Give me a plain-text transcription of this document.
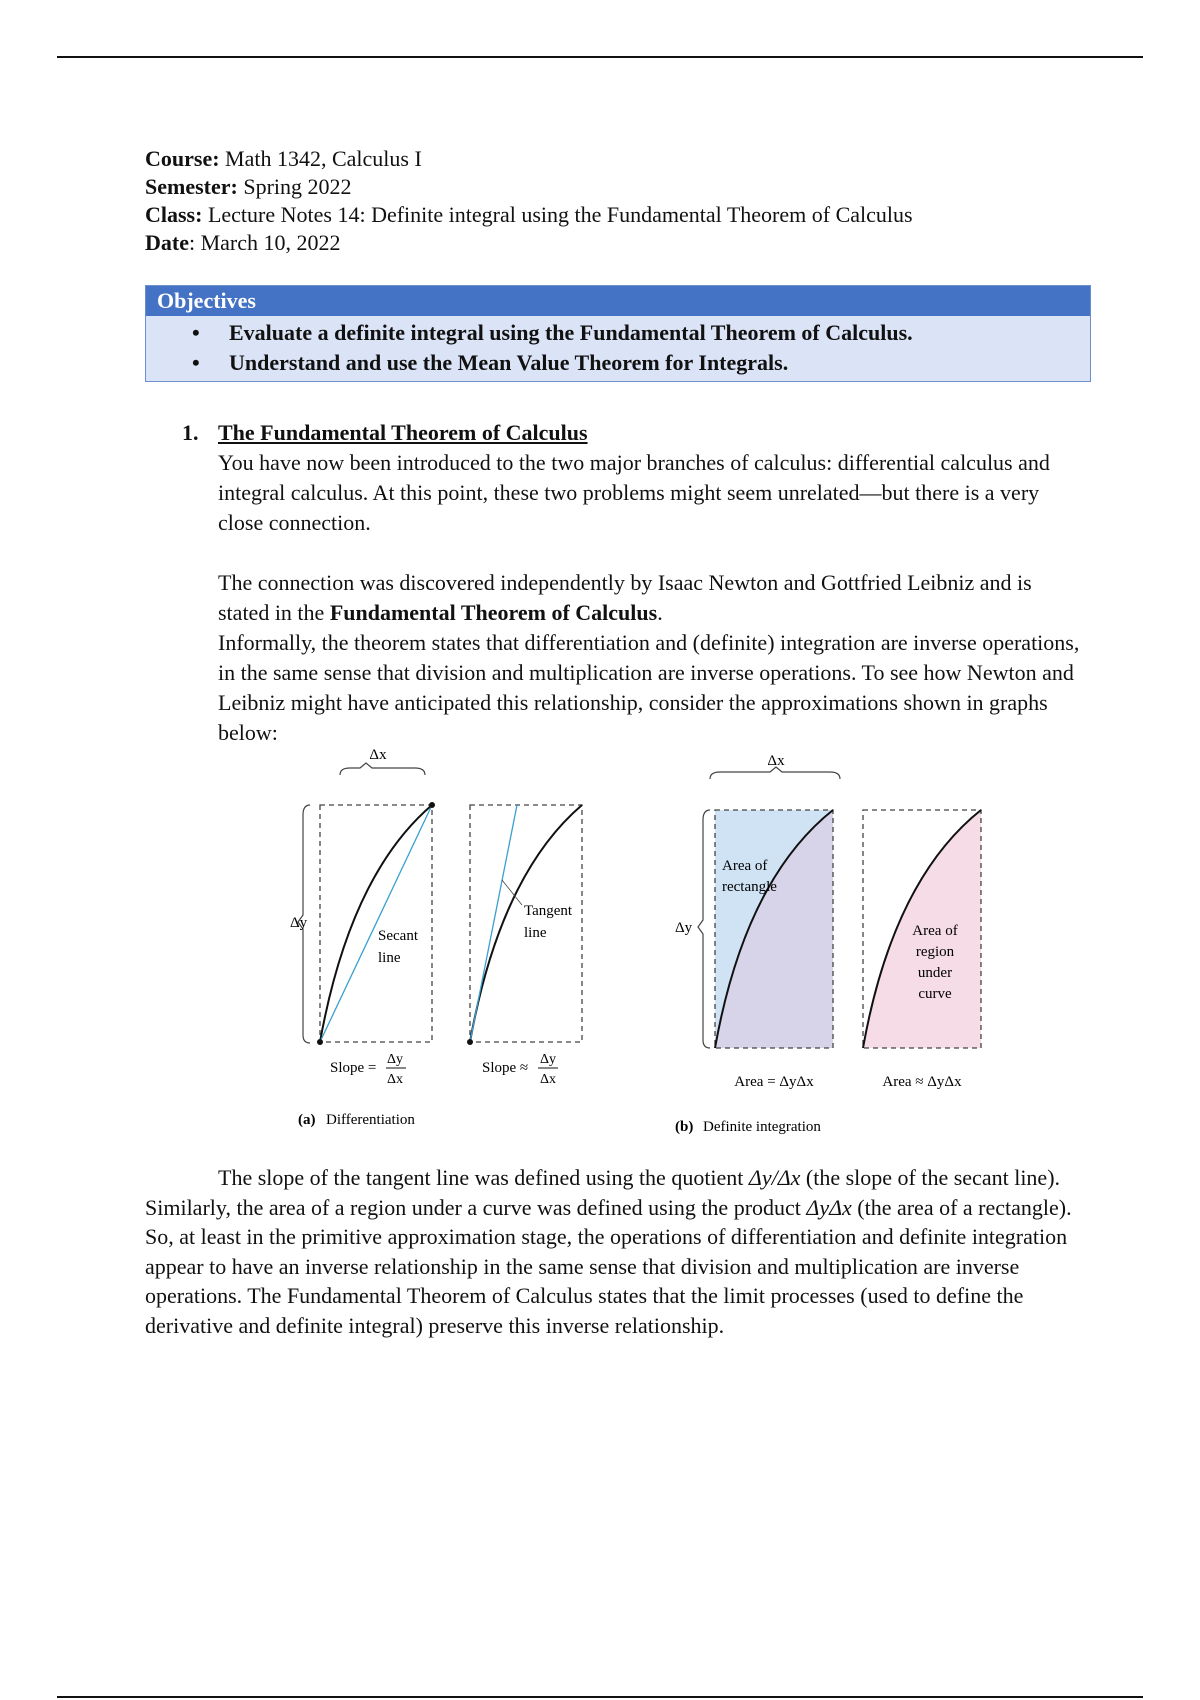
Course: Math 1342, Calculus I
Semester: Spring 2022
Class: Lecture Notes 14: Definite integral using the Fundamental Theorem of Calculus
Date: March 10, 2022
Objectives
• Evaluate a definite integral using the Fundamental Theorem of Calculus.
• Understand and use the Mean Value Theorem for Integrals.
1. The Fundamental Theorem of Calculus

You have now been introduced to the two major branches of calculus: differential calculus and integral calculus. At this point, these two problems might seem unrelated—but there is a very close connection.

The connection was discovered independently by Isaac Newton and Gottfried Leibniz and is stated in the Fundamental Theorem of Calculus.

Informally, the theorem states that differentiation and (definite) integration are inverse operations, in the same sense that division and multiplication are inverse operations. To see how Newton and Leibniz might have anticipated this relationship, consider the approximations shown in graphs below:

Δx
Δy
Secant
line
Slope =
Δy
Δx
Tangent
line
Slope ≈
Δy
Δx
Δx
Δy
Area of
rectangle
Area = ΔyΔx
Area of
region
under
curve
Area ≈ ΔyΔx
(a) Differentiation	(b) Definite integration

The slope of the tangent line was defined using the quotient Δy/Δx (the slope of the secant line). Similarly, the area of a region under a curve was defined using the product ΔyΔx (the area of a rectangle). So, at least in the primitive approximation stage, the operations of differentiation and definite integration appear to have an inverse relationship in the same sense that division and multiplication are inverse operations. The Fundamental Theorem of Calculus states that the limit processes (used to define the derivative and definite integral) preserve this inverse relationship.
